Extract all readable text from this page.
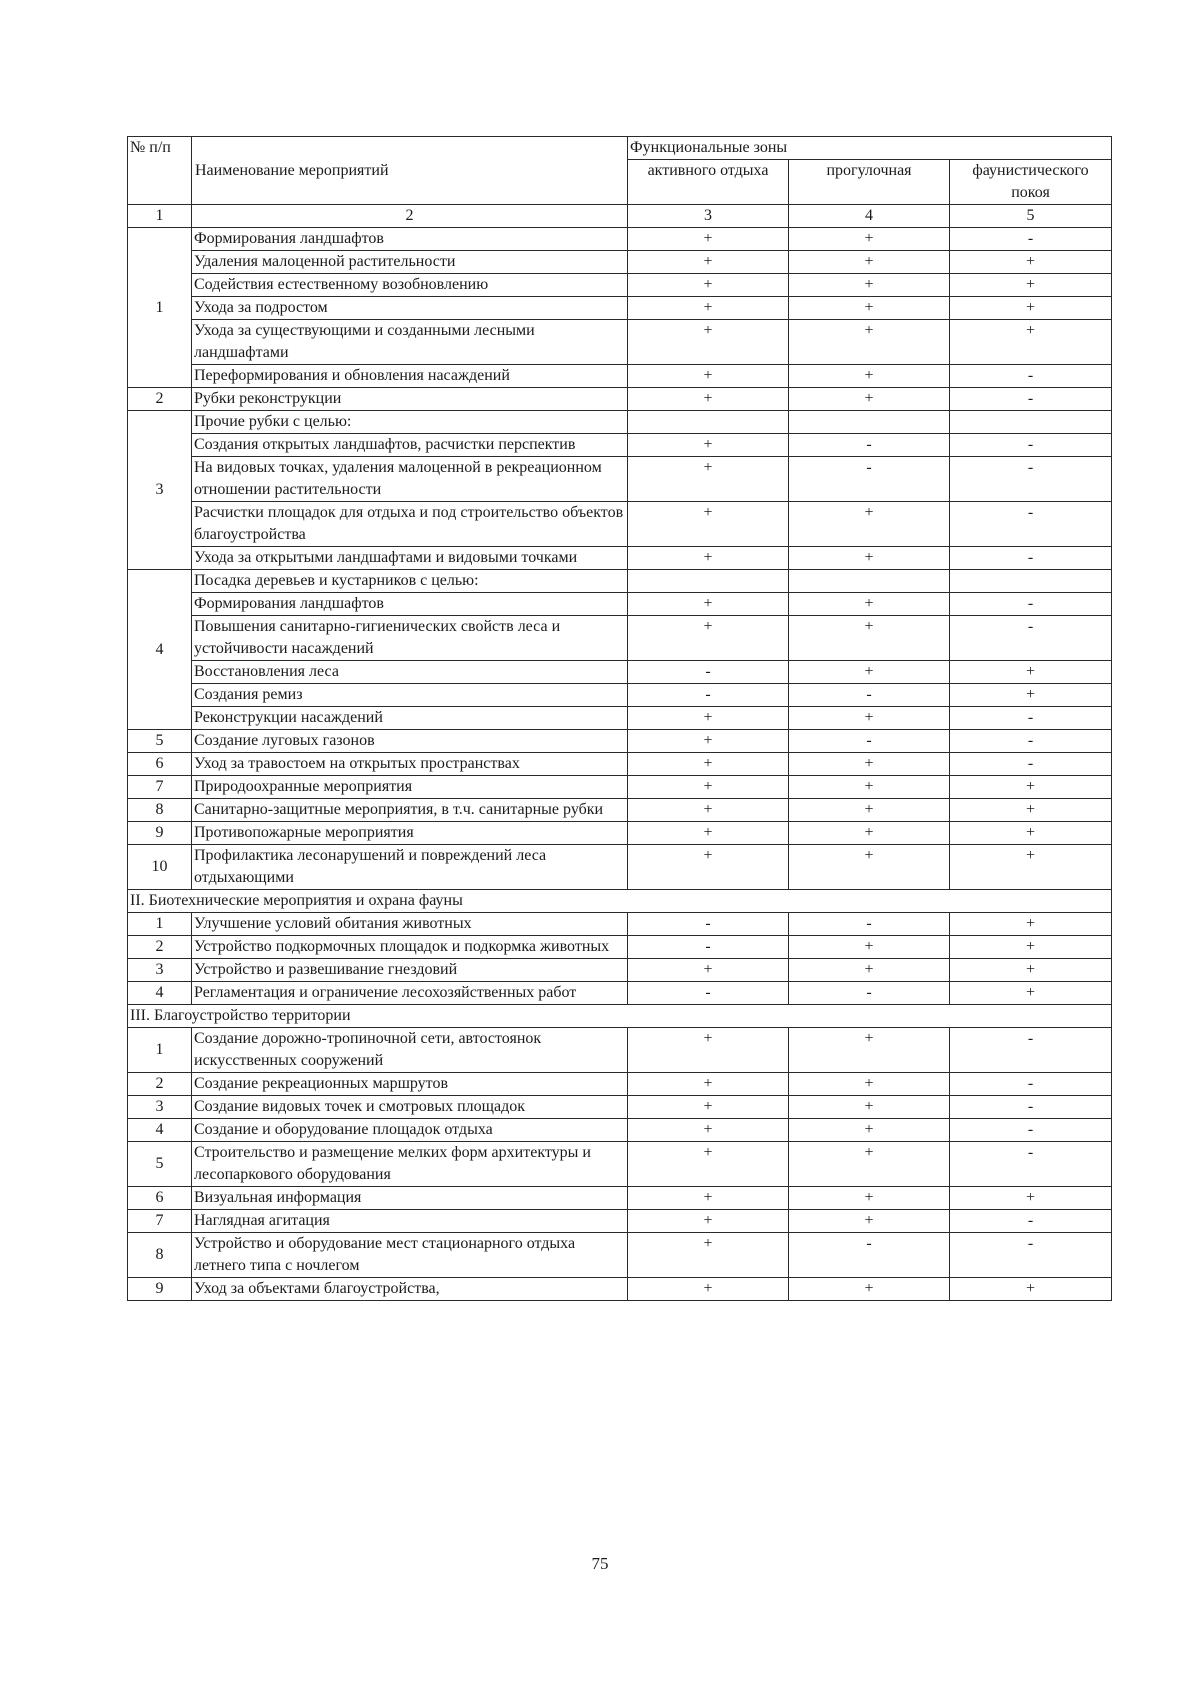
№ п/п	Наименование мероприятий	Функциональные зоны		
		активного отдыха	прогулочная	фаунистического покоя
1	2	3	4	5
1	Формирования ландшафтов	+	+	-
	Удаления малоценной растительности	+	+	+
	Содействия естественному возобновлению	+	+	+
	Ухода за подростом	+	+	+
	Ухода за существующими и созданными лесными ландшафтами	+	+	+
	Переформирования и обновления насаждений	+	+	-
2	Рубки реконструкции	+	+	-
3	Прочие рубки с целью:			
	Создания открытых ландшафтов, расчистки перспектив	+	-	-
	На видовых точках, удаления малоценной в рекреационном отношении растительности	+	-	-
	Расчистки площадок для отдыха и под строительство объектов благоустройства	+	+	-
	Ухода за открытыми ландшафтами и видовыми точками	+	+	-
4	Посадка деревьев и кустарников с целью:			
	Формирования ландшафтов	+	+	-
	Повышения санитарно-гигиенических свойств леса и устойчивости насаждений	+	+	-
	Восстановления леса	-	+	+
	Создания ремиз	-	-	+
	Реконструкции насаждений	+	+	-
5	Создание луговых газонов	+	-	-
6	Уход за травостоем на открытых пространствах	+	+	-
7	Природоохранные мероприятия	+	+	+
8	Санитарно-защитные мероприятия, в т.ч. санитарные рубки	+	+	+
9	Противопожарные мероприятия	+	+	+
10	Профилактика лесонарушений и повреждений леса отдыхающими	+	+	+
II. Биотехнические мероприятия и охрана фауны				
1	Улучшение условий обитания животных	-	-	+
2	Устройство подкормочных площадок и подкормка животных	-	+	+
3	Устройство и развешивание гнездовий	+	+	+
4	Регламентация и ограничение лесохозяйственных работ	-	-	+
III. Благоустройство территории				
1	Создание дорожно-тропиночной сети, автостоянок искусственных сооружений	+	+	-
2	Создание рекреационных маршрутов	+	+	-
3	Создание видовых точек и смотровых площадок	+	+	-
4	Создание и оборудование площадок отдыха	+	+	-
5	Строительство и размещение мелких форм архитектуры и лесопаркового оборудования	+	+	-
6	Визуальная информация	+	+	+
7	Наглядная агитация	+	+	-
8	Устройство и оборудование мест стационарного отдыха летнего типа с ночлегом	+	-	-
9	Уход за объектами благоустройства,	+	+	+
75
